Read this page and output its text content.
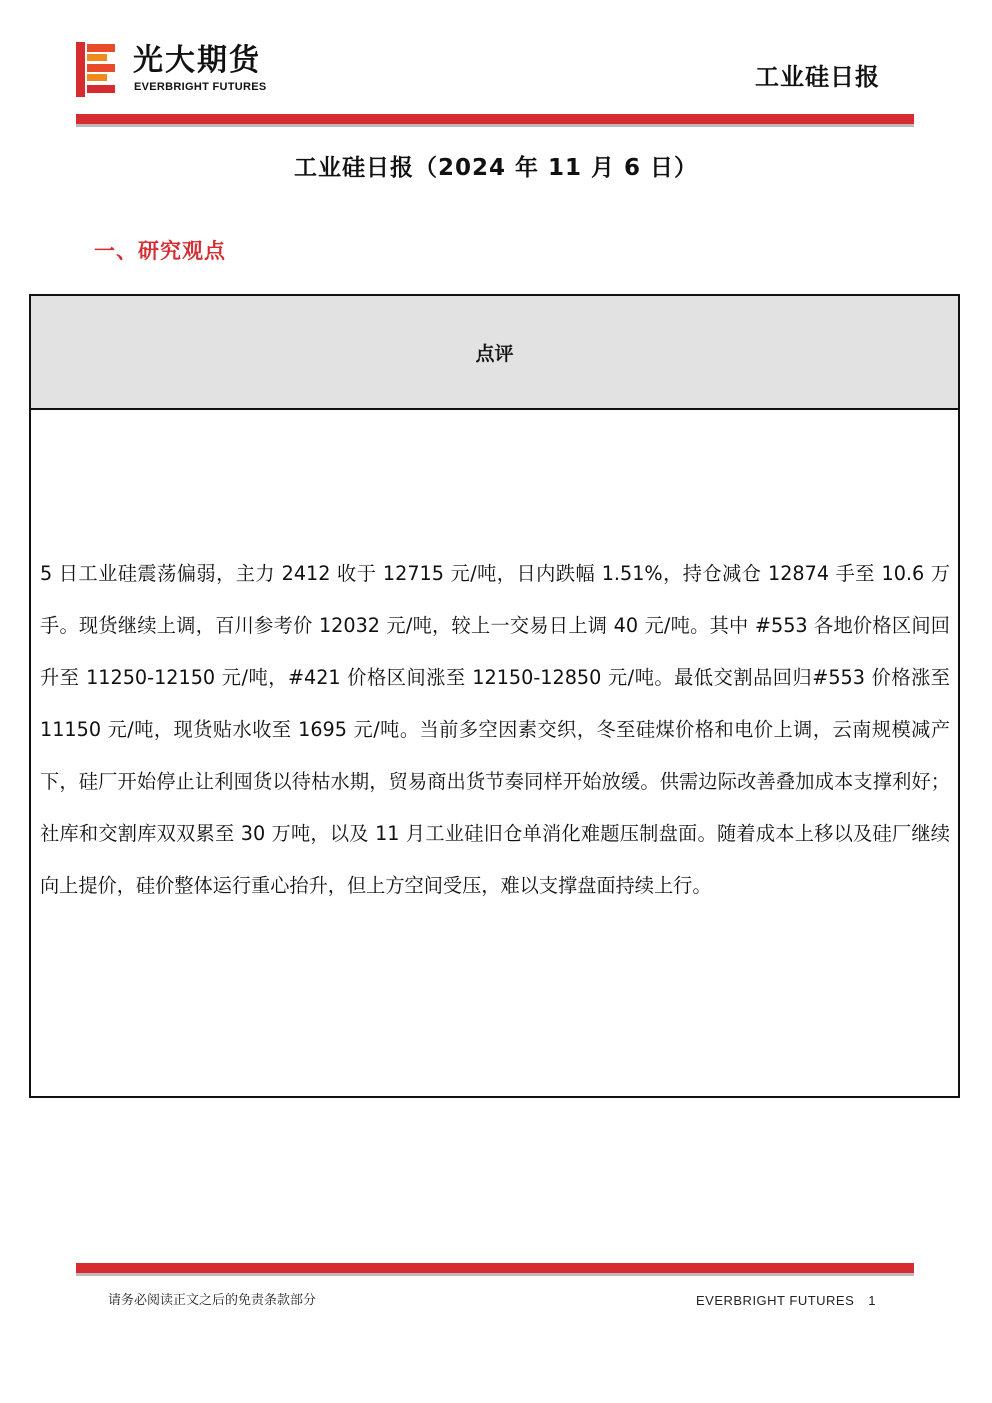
光大期货
EVERBRIGHT FUTURES	工业硅日报
工业硅日报（2024 年 11 月 6 日）
一、研究观点
点评
5 日工业硅震荡偏弱，主力 2412 收于 12715 元/吨，日内跌幅 1.51%，持仓减仓 12874 手至 10.6 万手。现货继续上调，百川参考价 12032 元/吨，较上一交易日上调 40 元/吨。其中 #553 各地价格区间回升至 11250-12150 元/吨，#421 价格区间涨至 12150-12850 元/吨。最低交割品回归#553 价格涨至 11150 元/吨，现货贴水收至 1695 元/吨。当前多空因素交织，冬至硅煤价格和电价上调，云南规模减产下，硅厂开始停止让利囤货以待枯水期，贸易商出货节奏同样开始放缓。供需边际改善叠加成本支撑利好；社库和交割库双双累至 30 万吨，以及 11 月工业硅旧仓单消化难题压制盘面。随着成本上移以及硅厂继续向上提价，硅价整体运行重心抬升，但上方空间受压，难以支撑盘面持续上行。
请务必阅读正文之后的免责条款部分	EVERBRIGHT FUTURES 1
